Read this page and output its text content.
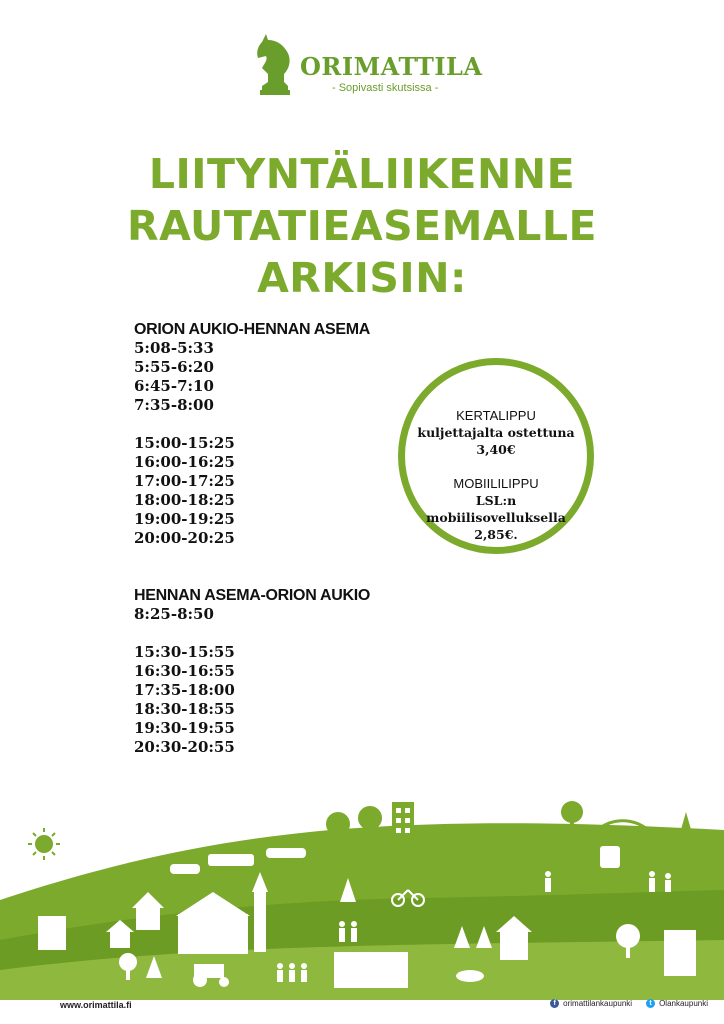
ORIMATTILA
- Sopivasti skutsissa -
LIITYNTÄLIIKENNE
RAUTATIEASEMALLE
ARKISIN:
ORION AUKIO-HENNAN ASEMA
5:08-5:33
5:55-6:20
6:45-7:10
7:35-8:00
15:00-15:25
16:00-16:25
17:00-17:25
18:00-18:25
19:00-19:25
20:00-20:25
HENNAN ASEMA-ORION AUKIO
8:25-8:50
15:30-15:55
16:30-16:55
17:35-18:00
18:30-18:55
19:30-19:55
20:30-20:55
KERTALIPPU
kuljettajalta ostettuna
3,40€
MOBIILILIPPU
LSL:n mobiilisovelluksella
2,85€.
www.orimattila.fi	f orimattilankaupunki	t Olankaupunki
